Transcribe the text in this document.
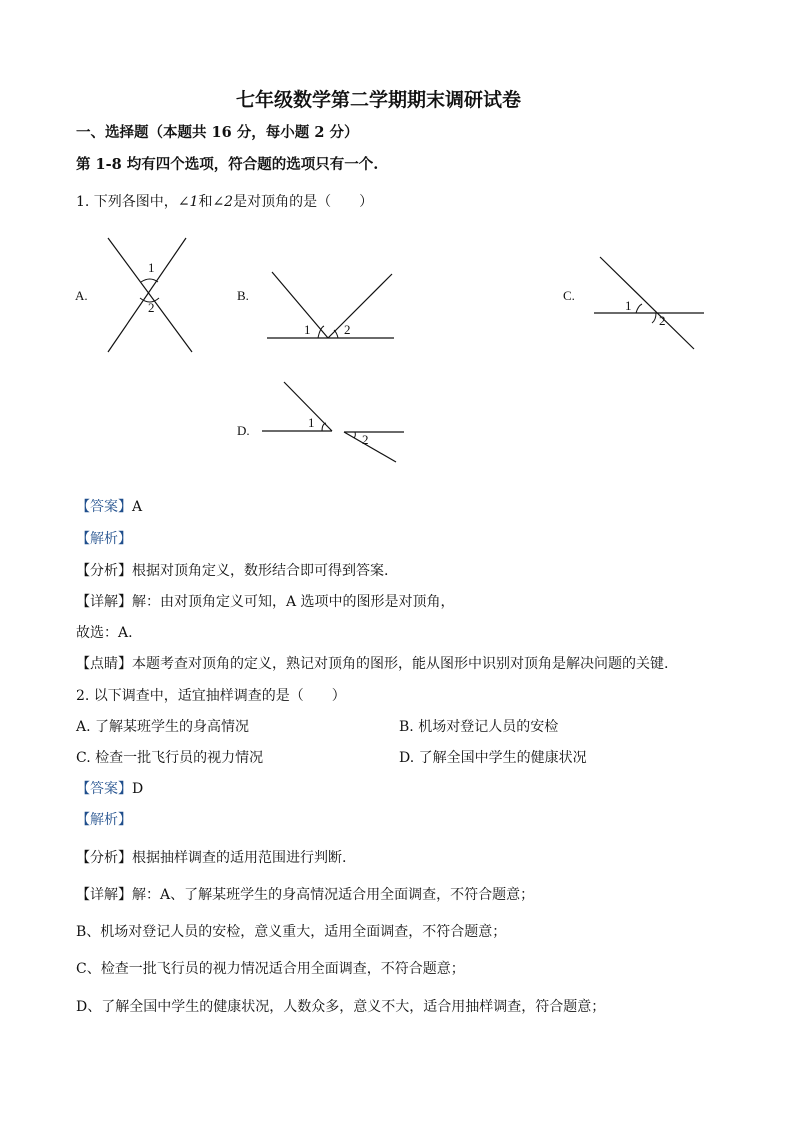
七年级数学第二学期期末调研试卷
一、选择题（本题共 16 分，每小题 2 分）
第 1-8 均有四个选项，符合题的选项只有一个.
1. 下列各图中，∠1和∠2是对顶角的是（　　）
A.
1
2
B.
1	2
C.
1
2
D.
1
2
【答案】A
【解析】
【分析】根据对顶角定义，数形结合即可得到答案.
【详解】解：由对顶角定义可知，A 选项中的图形是对顶角，
故选：A.
【点睛】本题考查对顶角的定义，熟记对顶角的图形，能从图形中识别对顶角是解决问题的关键.
2. 以下调查中，适宜抽样调查的是（　　）
A. 了解某班学生的身高情况	B. 机场对登记人员的安检
C. 检查一批飞行员的视力情况	D. 了解全国中学生的健康状况
【答案】D
【解析】
【分析】根据抽样调查的适用范围进行判断.
【详解】解：A、了解某班学生的身高情况适合用全面调查，不符合题意；
B、机场对登记人员的安检，意义重大，适用全面调查，不符合题意；
C、检查一批飞行员的视力情况适合用全面调查，不符合题意；
D、了解全国中学生的健康状况，人数众多，意义不大，适合用抽样调查，符合题意；
